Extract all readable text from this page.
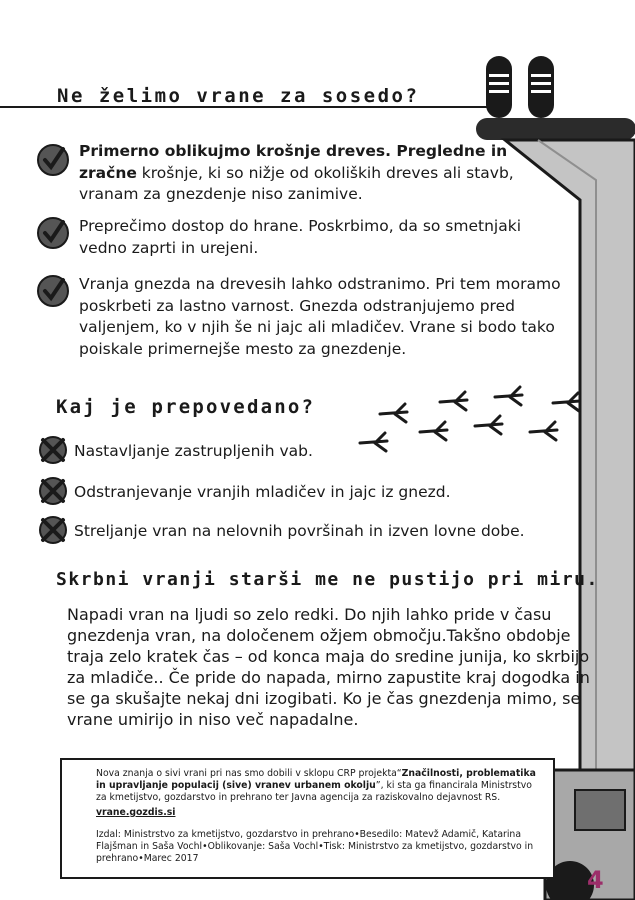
Ne želimo vrane za sosedo?
Primerno oblikujmo krošnje dreves. Pregledne in zračne krošnje, ki so nižje od okoliških dreves ali stavb, vranam za gnezdenje niso zanimive.
Preprečimo dostop do hrane. Poskrbimo, da so smetnjaki vedno zaprti in urejeni.
Vranja gnezda na drevesih lahko odstranimo. Pri tem moramo poskrbeti za lastno varnost. Gnezda odstranjujemo pred valjenjem, ko v njih še ni jajc ali mladičev. Vrane si bodo tako poiskale primernejše mesto za gnezdenje.
Kaj je prepovedano?
Nastavljanje zastrupljenih vab.
Odstranjevanje vranjih mladičev in jajc iz gnezd.
Streljanje vran na nelovnih površinah in izven lovne dobe.
Skrbni vranji starši me ne pustijo pri miru.
Napadi vran na ljudi so zelo redki. Do njih lahko pride v času gnezdenja vran, na določenem ožjem območju.Takšno obdobje traja zelo kratek čas – od konca maja do sredine junija, ko skrbijo za mladiče.. Če pride do napada, mirno zapustite kraj dogodka in se ga skušajte nekaj dni izogibati. Ko je čas gnezdenja mimo, se vrane umirijo in niso več napadalne.
Nova znanja o sivi vrani pri nas smo dobili v sklopu CRP projekta“Značilnosti, problematika in upravljanje populacij (sive) vranev urbanem okolju”, ki sta ga financirala Ministrstvo za kmetijstvo, gozdarstvo in prehrano ter Javna agencija za raziskovalno dejavnost RS.
vrane.gozdis.si
Izdal: Ministrstvo za kmetijstvo, gozdarstvo in prehrano•Besedilo: Matevž Adamič, Katarina Flajšman in Saša Vochl•Oblikovanje: Saša Vochl•Tisk: Ministrstvo za kmetijstvo, gozdarstvo in prehrano•Marec 2017
4
